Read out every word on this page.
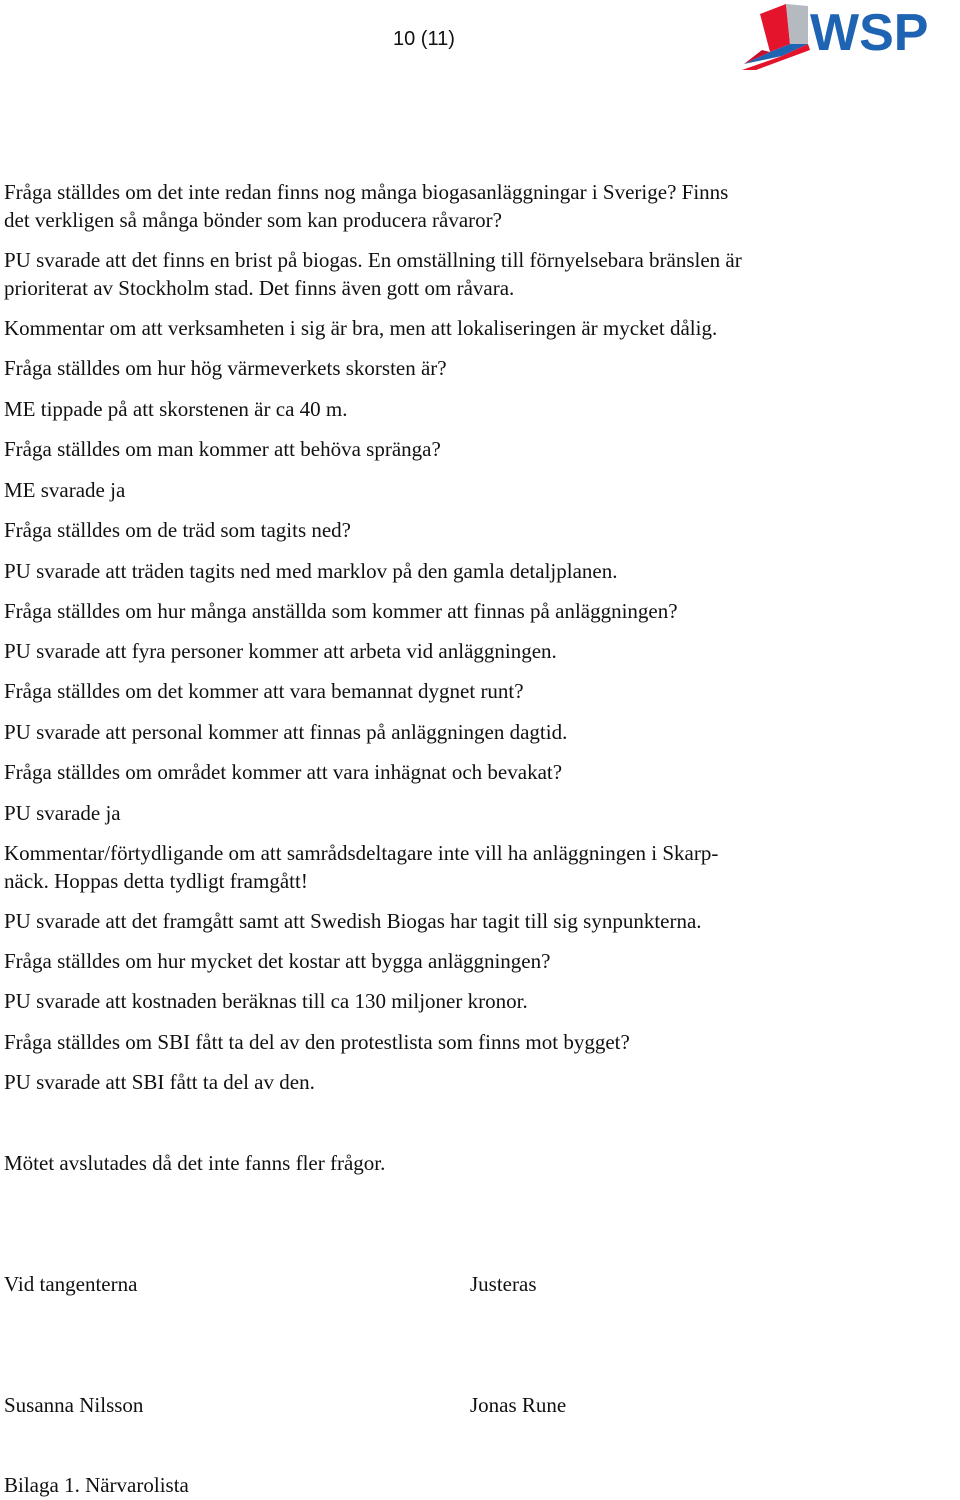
10 (11)	WSP
Fråga ställdes om det inte redan finns nog många biogasanläggningar i Sverige? Finns
det verkligen så många bönder som kan producera råvaror?
PU svarade att det finns en brist på biogas. En omställning till förnyelsebara bränslen är
prioriterat av Stockholm stad. Det finns även gott om råvara.
Kommentar om att verksamheten i sig är bra, men att lokaliseringen är mycket dålig.
Fråga ställdes om hur hög värmeverkets skorsten är?
ME tippade på att skorstenen är ca 40 m.
Fråga ställdes om man kommer att behöva spränga?
ME svarade ja
Fråga ställdes om de träd som tagits ned?
PU svarade att träden tagits ned med marklov på den gamla detaljplanen.
Fråga ställdes om hur många anställda som kommer att finnas på anläggningen?
PU svarade att fyra personer kommer att arbeta vid anläggningen.
Fråga ställdes om det kommer att vara bemannat dygnet runt?
PU svarade att personal kommer att finnas på anläggningen dagtid.
Fråga ställdes om området kommer att vara inhägnat och bevakat?
PU svarade ja
Kommentar/förtydligande om att samrådsdeltagare inte vill ha anläggningen i Skarp-
näck. Hoppas detta tydligt framgått!
PU svarade att det framgått samt att Swedish Biogas har tagit till sig synpunkterna.
Fråga ställdes om hur mycket det kostar att bygga anläggningen?
PU svarade att kostnaden beräknas till ca 130 miljoner kronor.
Fråga ställdes om SBI fått ta del av den protestlista som finns mot bygget?
PU svarade att SBI fått ta del av den.
Mötet avslutades då det inte fanns fler frågor.
Vid tangenterna	Justeras
Susanna Nilsson	Jonas Rune
Bilaga 1. Närvarolista
